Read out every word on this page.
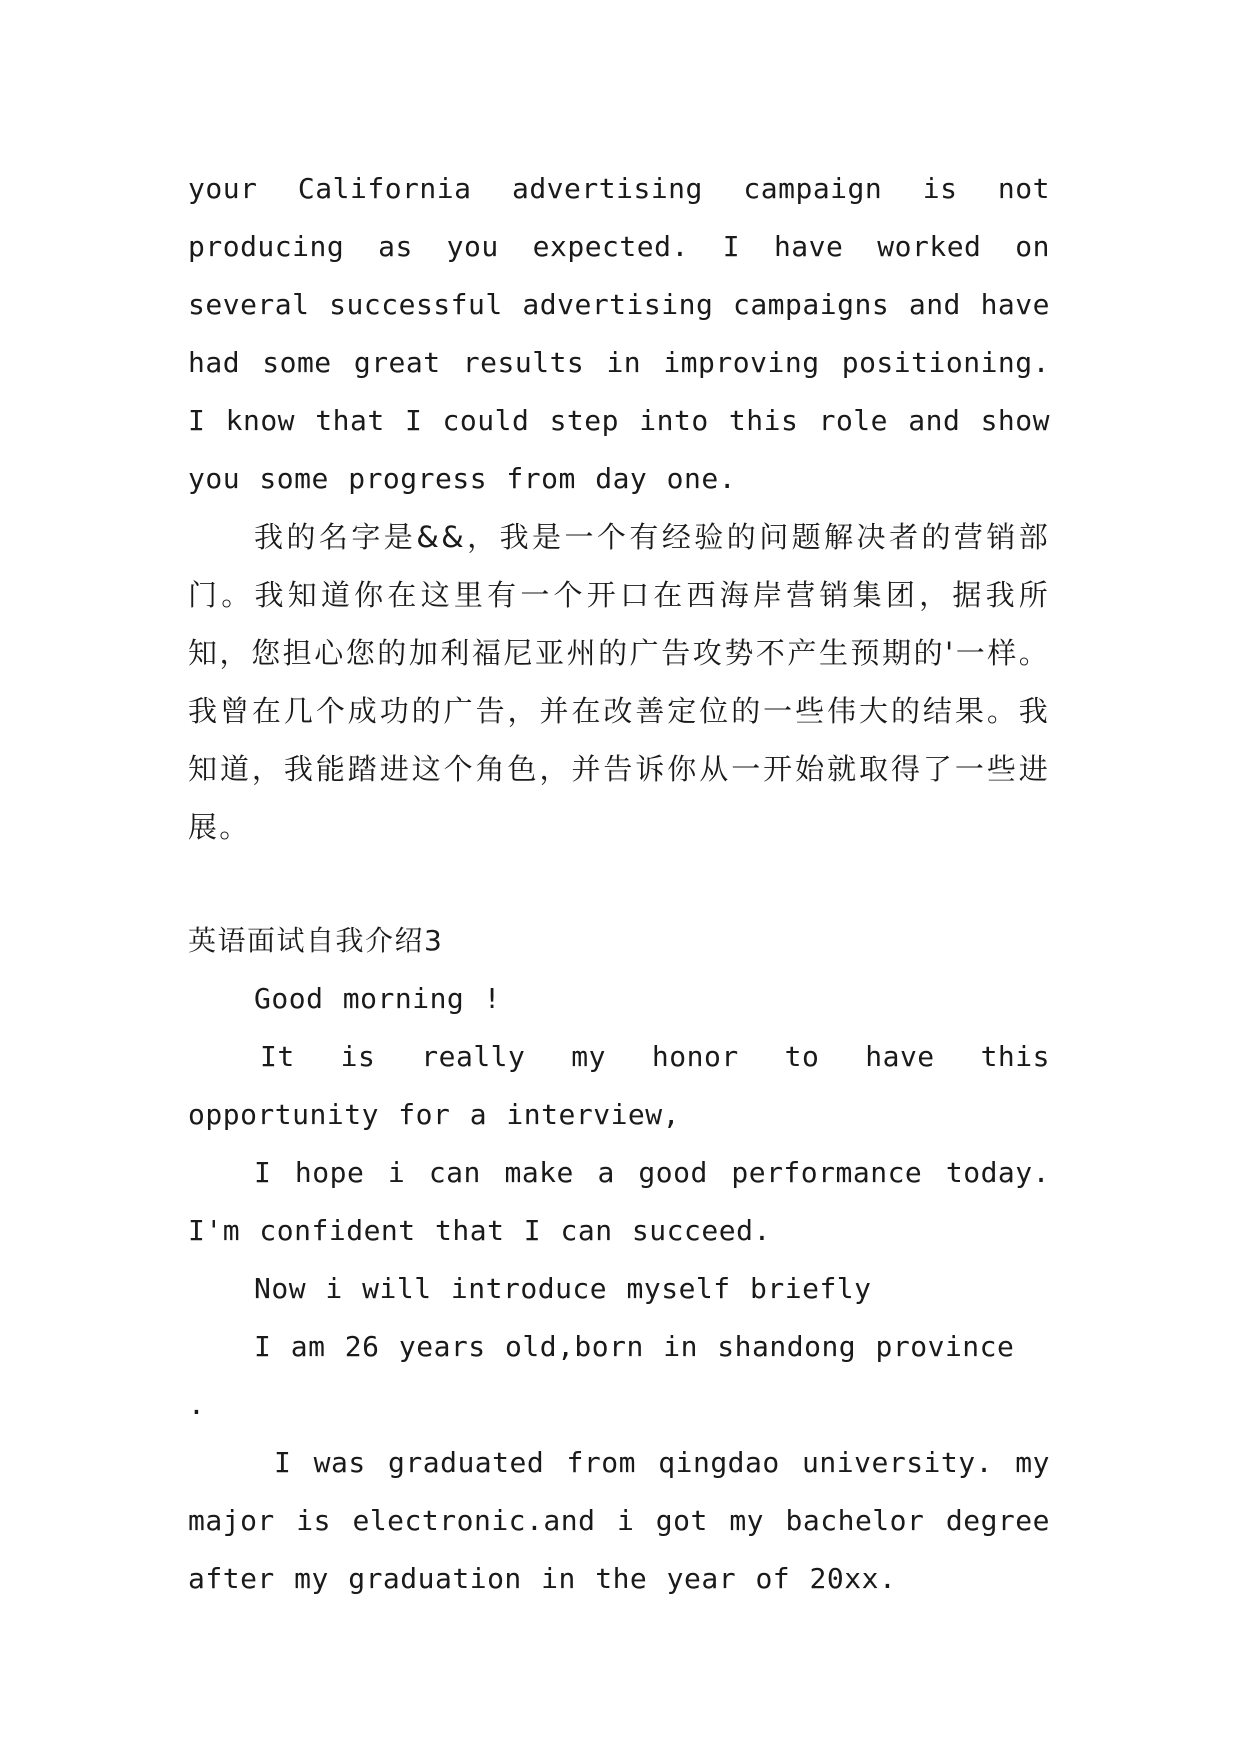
your California advertising campaign is not producing as you expected. I have worked on several successful advertising campaigns and have had some great results in improving positioning. I know that I could step into this role and show you some progress from day one.

我的名字是&&，我是一个有经验的问题解决者的营销部门。我知道你在这里有一个开口在西海岸营销集团，据我所知，您担心您的加利福尼亚州的广告攻势不产生预期的'一样。我曾在几个成功的广告，并在改善定位的一些伟大的结果。我知道，我能踏进这个角色，并告诉你从一开始就取得了一些进展。

英语面试自我介绍3

Good morning !

It is really my honor to have this opportunity for a interview,

I hope i can make a good performance today. I'm confident that I can succeed.

Now i will introduce myself briefly

I am 26 years old,born in shandong province .

I was graduated from qingdao university. my major is electronic.and i got my bachelor degree after my graduation in the year of 20xx.
